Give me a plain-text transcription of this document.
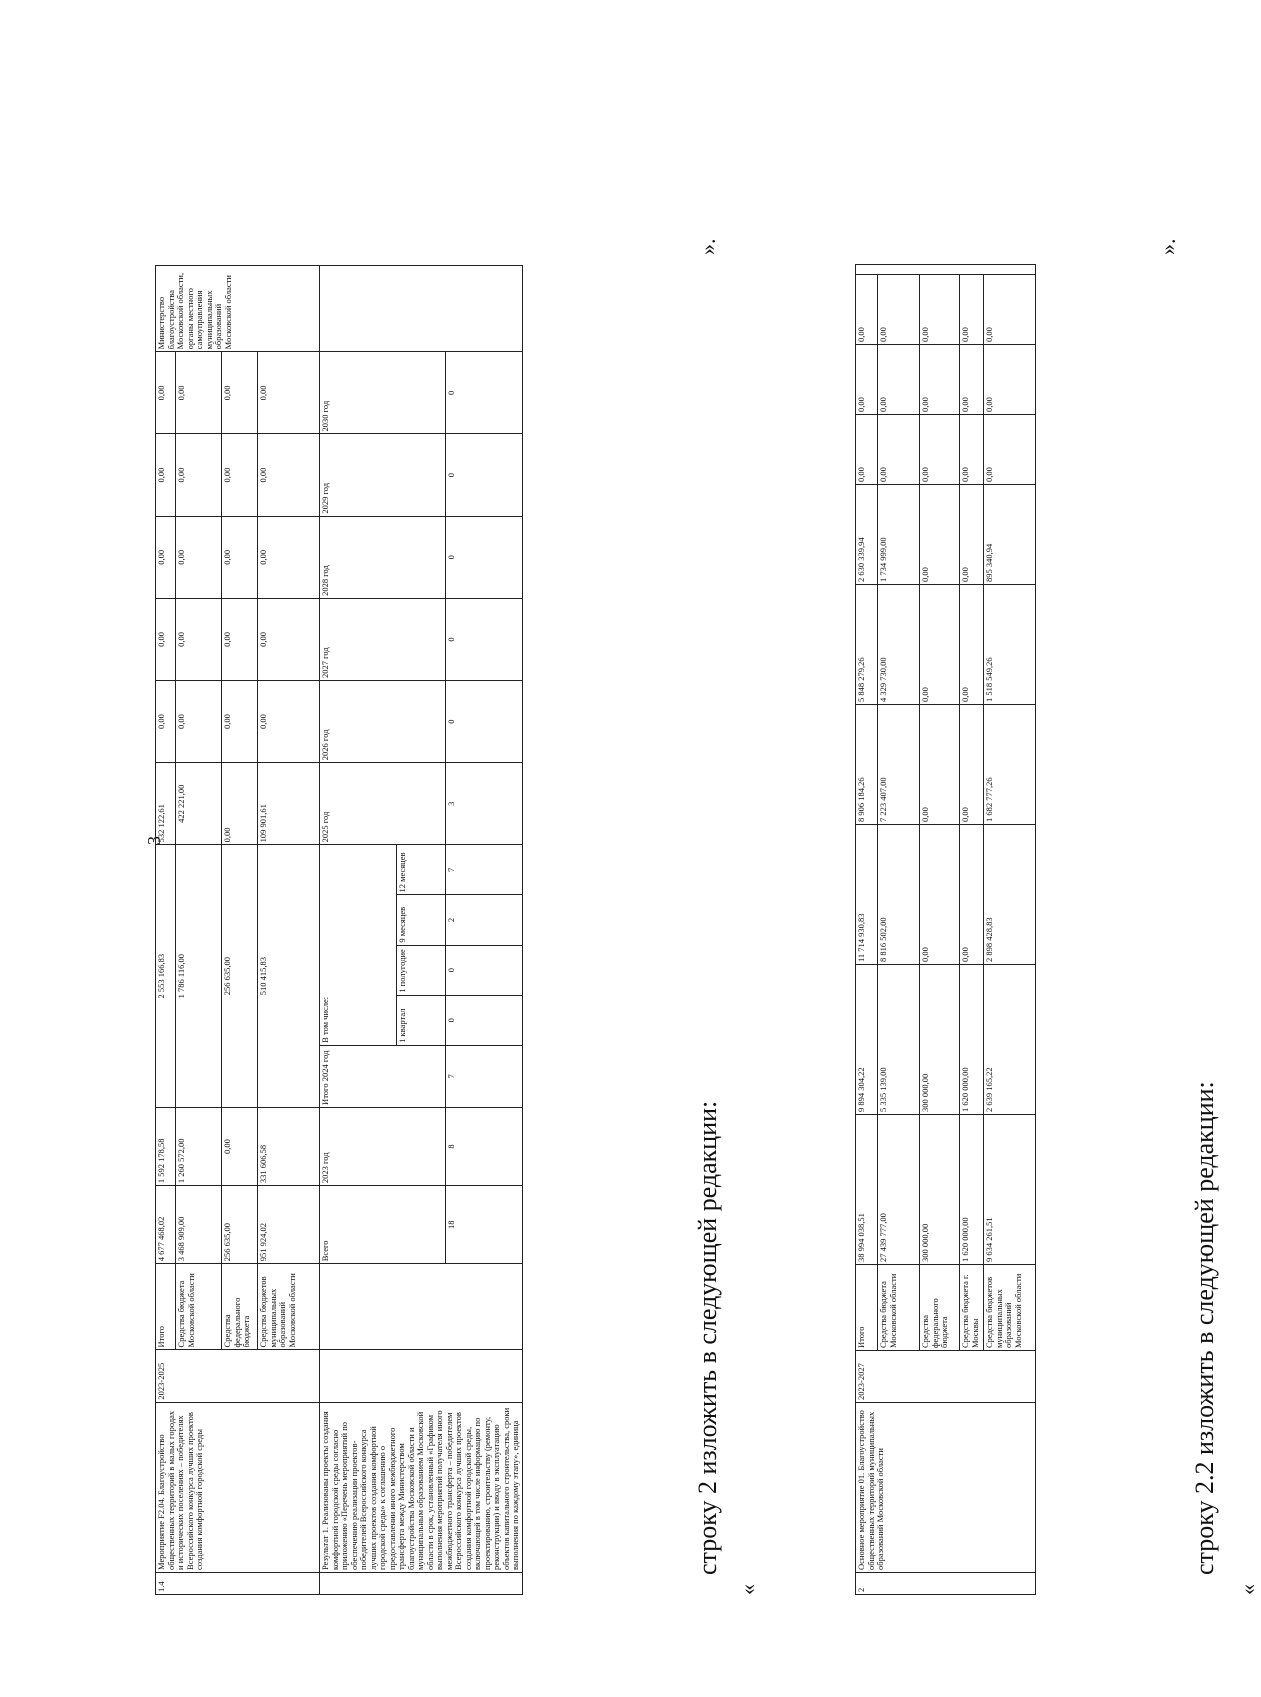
3
1.4	Мероприятие F2.04. Благоустройство общественных территорий в малых городах и исторических поселениях – победителях Всероссийского конкурса лучших проектов создания комфортной городской среды	2023-2025	Итого	4 677 468,02	1 592 178,58	2 553 166,83					532 122,61	0,00	0,00	0,00	0,00	0,00	Министерство благоустройства Московской области, органы местного самоуправления муниципальных образований Московской области
			Средства бюджета Московской области	3 468 909,00	1 260 572,00	1 786 116,00					422 221,00	0,00	0,00	0,00	0,00	0,00	
			Средства федерального бюджета	256 635,00	0,00	256 635,00					0,00	0,00	0,00	0,00	0,00	0,00	
			Средства бюджетов муниципальных образований Московской области	951 924,02	331 606,58	510 415,83					109 901,61	0,00	0,00	0,00	0,00	0,00	
	Результат 1. Реализованы проекты создания комфортной городской среды согласно приложению «Перечень мероприятий по обеспечению реализации проектов-победителей Всероссийского конкурса лучших проектов создания комфортной городской среды» к соглашению о предоставлении иного межбюджетного трансферта между Министерством благоустройства Московской области и муниципальным образованием Московской области в срок, установленный «Графиком выполнения мероприятий получателя иного межбюджетного трансферта – победителем Всероссийского конкурса лучших проектов создания комфортной городской среды, включающей в том числе информацию по проектированию, строительству (ремонту, реконструкции) и вводу в эксплуатацию объектов капитального строительства, сроки выполнения по каждому этапу», единица			Всего	2023 год	Итого 2024 год	В том числе:				2025 год	2026 год	2027 год	2028 год	2029 год	2030 год	
							1 квартал	1 полугодие	9 месяцев	12 месяцев							
				18	8	7	0	0	2	7	3	0	0	0	0	0	
».
строку 2 изложить в следующей редакции:
«	2	Основное мероприятие 01. Благоустройство общественных территорий муниципальных образований Московской области	2023-2027	Итого	38 994 038,51	9 894 304,22	11 714 930,83	8 906 184,26	5 848 279,26	2 630 339,94	0,00	0,00	0,00	
			Средства бюджета Московской области	27 439 777,00	5 335 139,00	8 816 502,00	7 223 407,00	4 329 730,00	1 734 999,00	0,00	0,00	0,00	
			Средства федерального бюджета	300 000,00	300 000,00	0,00	0,00	0,00	0,00	0,00	0,00	0,00	
			Средства бюджета г. Москвы	1 620 000,00	1 620 000,00	0,00	0,00	0,00	0,00	0,00	0,00	0,00	
			Средства бюджетов муниципальных образований Московской области	9 634 261,51	2 639 165,22	2 898 428,83	1 682 777,26	1 518 549,26	895 340,94	0,00	0,00	0,00	
».
строку 2.2 изложить в следующей редакции:
«
